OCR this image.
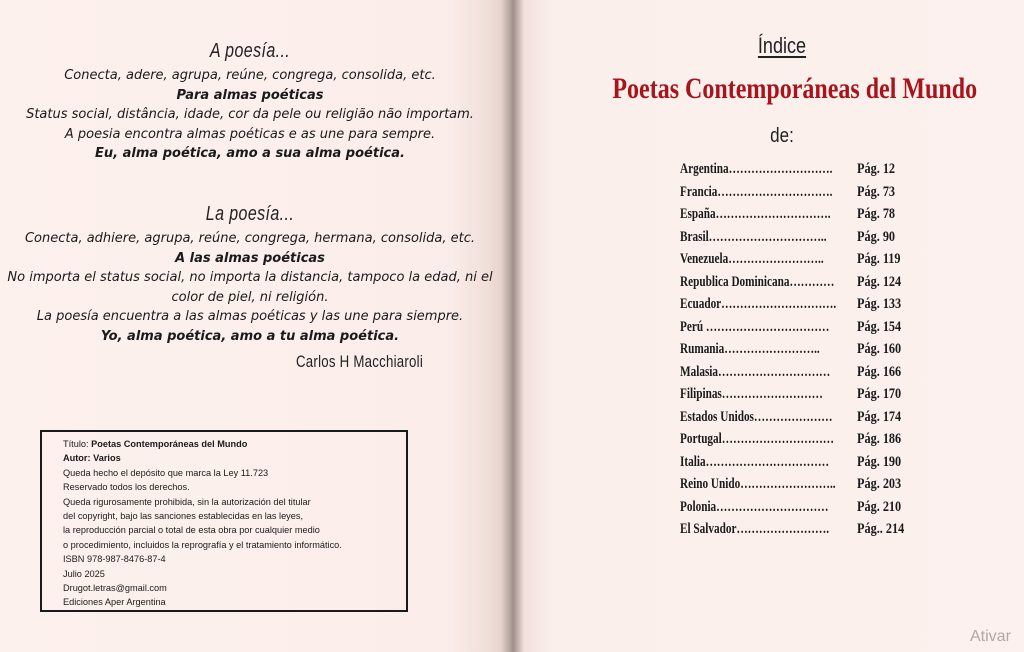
A poesía...

Conecta, adere, agrupa, reúne, congrega, consolida, etc.

Para almas poéticas

Status social, distância, idade, cor da pele ou religião não importam.

A poesia encontra almas poéticas e as une para sempre.

Eu, alma poética, amo a sua alma poética.

La poesía...

Conecta, adhiere, agrupa, reúne, congrega, hermana, consolida, etc.

A las almas poéticas

No importa el status social, no importa la distancia, tampoco la edad, ni el

color de piel, ni religión.

La poesía encuentra a las almas poéticas y las une para siempre.

Yo, alma poética, amo a tu alma poética.

Carlos H Macchiaroli

Título: Poetas Contemporáneas del Mundo

Autor: Varios

Queda hecho el depósito que marca la Ley 11.723

Reservado todos los derechos.

Queda rigurosamente prohibida, sin la autorización del titular

del copyright, bajo las sanciones establecidas en las leyes,

la reproducción parcial o total de esta obra por cualquier medio

o procedimiento, incluidos la reprografía y el tratamiento informático.

ISBN 978-987-8476-87-4

Julio 2025

Drugot.letras@gmail.com

Ediciones Aper Argentina

Índice
Poetas Contemporáneas del Mundo
de:
Argentina………………………. Pág. 12
Francia…………………………. Pág. 73
España…………………………. Pág. 78
Brasil………………………….. Pág. 90
Venezuela…………………….. Pág. 119
Republica Dominicana………… Pág. 124
Ecuador…………………………. Pág. 133
Perú …………………………… Pág. 154
Rumania……………………..	Pág. 160
Malasia………………………… Pág. 166
Filipinas……………………… Pág. 170
Estados Unidos………………… Pág. 174
Portugal………………………… Pág. 186
Italia…………………………… Pág. 190
Reino Unido…………………….. Pág. 203
Polonia………………………… Pág. 210
El Salvador……………………. Pág.. 214
Ativar
